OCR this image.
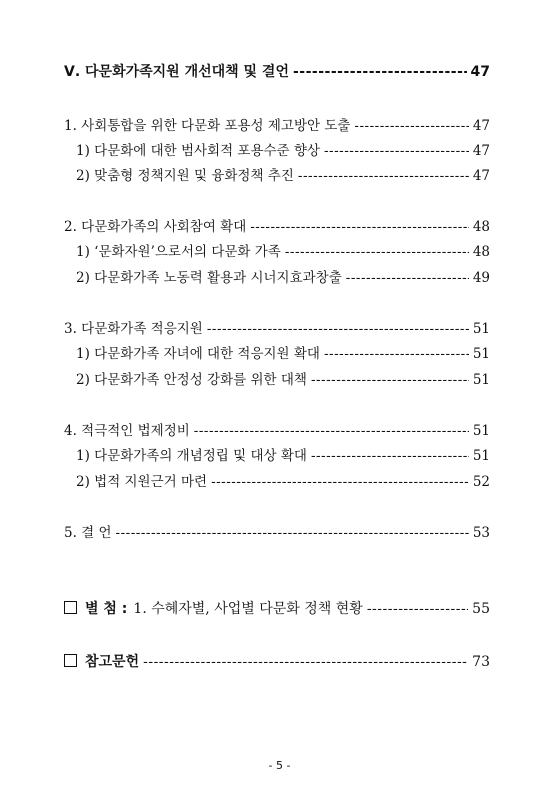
Ⅴ. 다문화가족지원 개선대책 및 결언 -----	47
1. 사회통합을 위한 다문화 포용성 제고방안 도출 -----	47
1) 다문화에 대한 범사회적 포용수준 향상 -----	47
2) 맞춤형 정책지원 및 융화정책 추진 -----	47
2. 다문화가족의 사회참여 확대 -----	48
1) ‘문화자원’으로서의 다문화 가족 -----	48
2) 다문화가족 노동력 활용과 시너지효과창출 -----	49
3. 다문화가족 적응지원 -----	51
1) 다문화가족 자녀에 대한 적응지원 확대 -----	51
2) 다문화가족 안정성 강화를 위한 대책 -----	51
4. 적극적인 법제정비 -----	51
1) 다문화가족의 개념정립 및 대상 확대 -----	51
2) 법적 지원근거 마련 -----	52
5. 결 언 -----	53
별 첨 : 1. 수혜자별, 사업별 다문화 정책 현황 -----	55
참고문헌 -----	73
- 5 -
